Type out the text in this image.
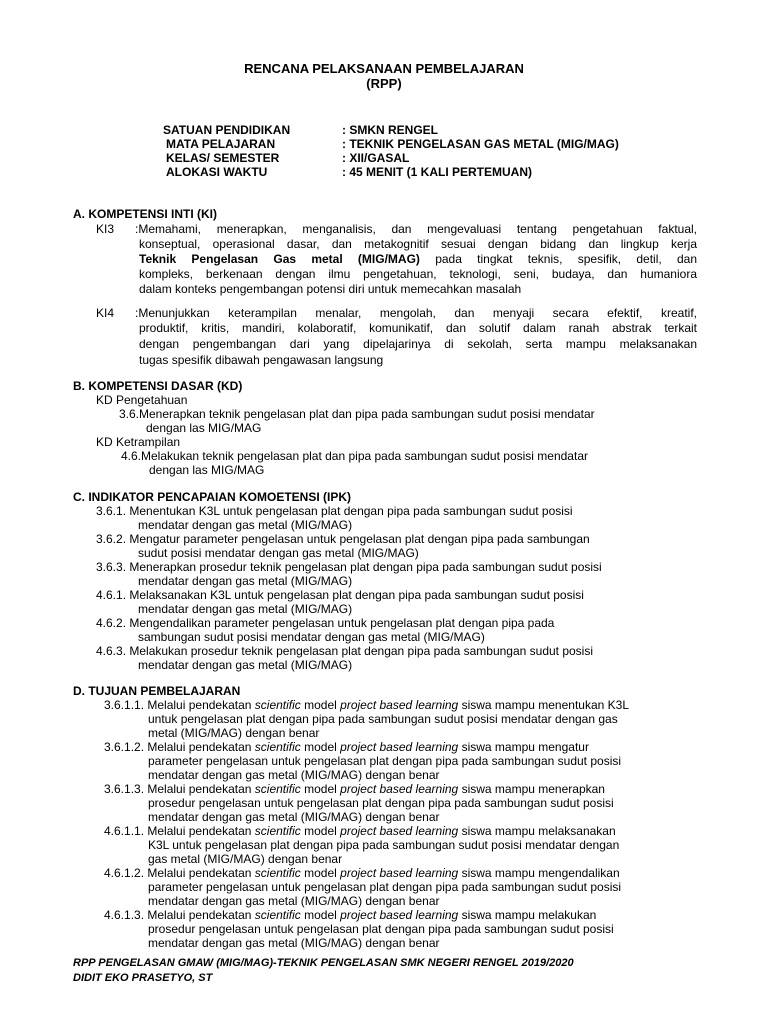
RENCANA PELAKSANAAN PEMBELAJARAN
(RPP)
SATUAN PENDIDIKAN	: SMKN RENGEL
MATA PELAJARAN	: TEKNIK PENGELASAN GAS METAL (MIG/MAG)
KELAS/ SEMESTER	: XII/GASAL
ALOKASI WAKTU	: 45 MENIT (1 KALI PERTEMUAN)
A. KOMPETENSI INTI (KI)
KI3 :Memahami, menerapkan, menganalisis, dan mengevaluasi tentang pengetahuan faktual,
konseptual, operasional dasar, dan metakognitif sesuai dengan bidang dan lingkup kerja
Teknik Pengelasan Gas metal (MIG/MAG) pada tingkat teknis, spesifik, detil, dan
kompleks, berkenaan dengan ilmu pengetahuan, teknologi, seni, budaya, dan humaniora
dalam konteks pengembangan potensi diri untuk memecahkan masalah
KI4 :Menunjukkan keterampilan menalar, mengolah, dan menyaji secara efektif, kreatif,
produktif, kritis, mandiri, kolaboratif, komunikatif, dan solutif dalam ranah abstrak terkait
dengan pengembangan dari yang dipelajarinya di sekolah, serta mampu melaksanakan
tugas spesifik dibawah pengawasan langsung
B. KOMPETENSI DASAR (KD)
KD Pengetahuan
3.6.Menerapkan teknik pengelasan plat dan pipa pada sambungan sudut posisi mendatar
dengan las MIG/MAG
KD Ketrampilan
4.6.Melakukan teknik pengelasan plat dan pipa pada sambungan sudut posisi mendatar
dengan las MIG/MAG
C. INDIKATOR PENCAPAIAN KOMOETENSI (IPK)
3.6.1. Menentukan K3L untuk pengelasan plat dengan pipa pada sambungan sudut posisi
mendatar dengan gas metal (MIG/MAG)
3.6.2. Mengatur parameter pengelasan untuk pengelasan plat dengan pipa pada sambungan
sudut posisi mendatar dengan gas metal (MIG/MAG)
3.6.3. Menerapkan prosedur teknik pengelasan plat dengan pipa pada sambungan sudut posisi
mendatar dengan gas metal (MIG/MAG)
4.6.1. Melaksanakan K3L untuk pengelasan plat dengan pipa pada sambungan sudut posisi
mendatar dengan gas metal (MIG/MAG)
4.6.2. Mengendalikan parameter pengelasan untuk pengelasan plat dengan pipa pada
sambungan sudut posisi mendatar dengan gas metal (MIG/MAG)
4.6.3. Melakukan prosedur teknik pengelasan plat dengan pipa pada sambungan sudut posisi
mendatar dengan gas metal (MIG/MAG)
D. TUJUAN PEMBELAJARAN
3.6.1.1. Melalui pendekatan scientific model project based learning siswa mampu menentukan K3L
untuk pengelasan plat dengan pipa pada sambungan sudut posisi mendatar dengan gas
metal (MIG/MAG) dengan benar
3.6.1.2. Melalui pendekatan scientific model project based learning siswa mampu mengatur
parameter pengelasan untuk pengelasan plat dengan pipa pada sambungan sudut posisi
mendatar dengan gas metal (MIG/MAG) dengan benar
3.6.1.3. Melalui pendekatan scientific model project based learning siswa mampu menerapkan
prosedur pengelasan untuk pengelasan plat dengan pipa pada sambungan sudut posisi
mendatar dengan gas metal (MIG/MAG) dengan benar
4.6.1.1. Melalui pendekatan scientific model project based learning siswa mampu melaksanakan
K3L untuk pengelasan plat dengan pipa pada sambungan sudut posisi mendatar dengan
gas metal (MIG/MAG) dengan benar
4.6.1.2. Melalui pendekatan scientific model project based learning siswa mampu mengendalikan
parameter pengelasan untuk pengelasan plat dengan pipa pada sambungan sudut posisi
mendatar dengan gas metal (MIG/MAG) dengan benar
4.6.1.3. Melalui pendekatan scientific model project based learning siswa mampu melakukan
prosedur pengelasan untuk pengelasan plat dengan pipa pada sambungan sudut posisi
mendatar dengan gas metal (MIG/MAG) dengan benar
RPP PENGELASAN GMAW (MIG/MAG)-TEKNIK PENGELASAN SMK NEGERI RENGEL 2019/2020
DIDIT EKO PRASETYO, ST
